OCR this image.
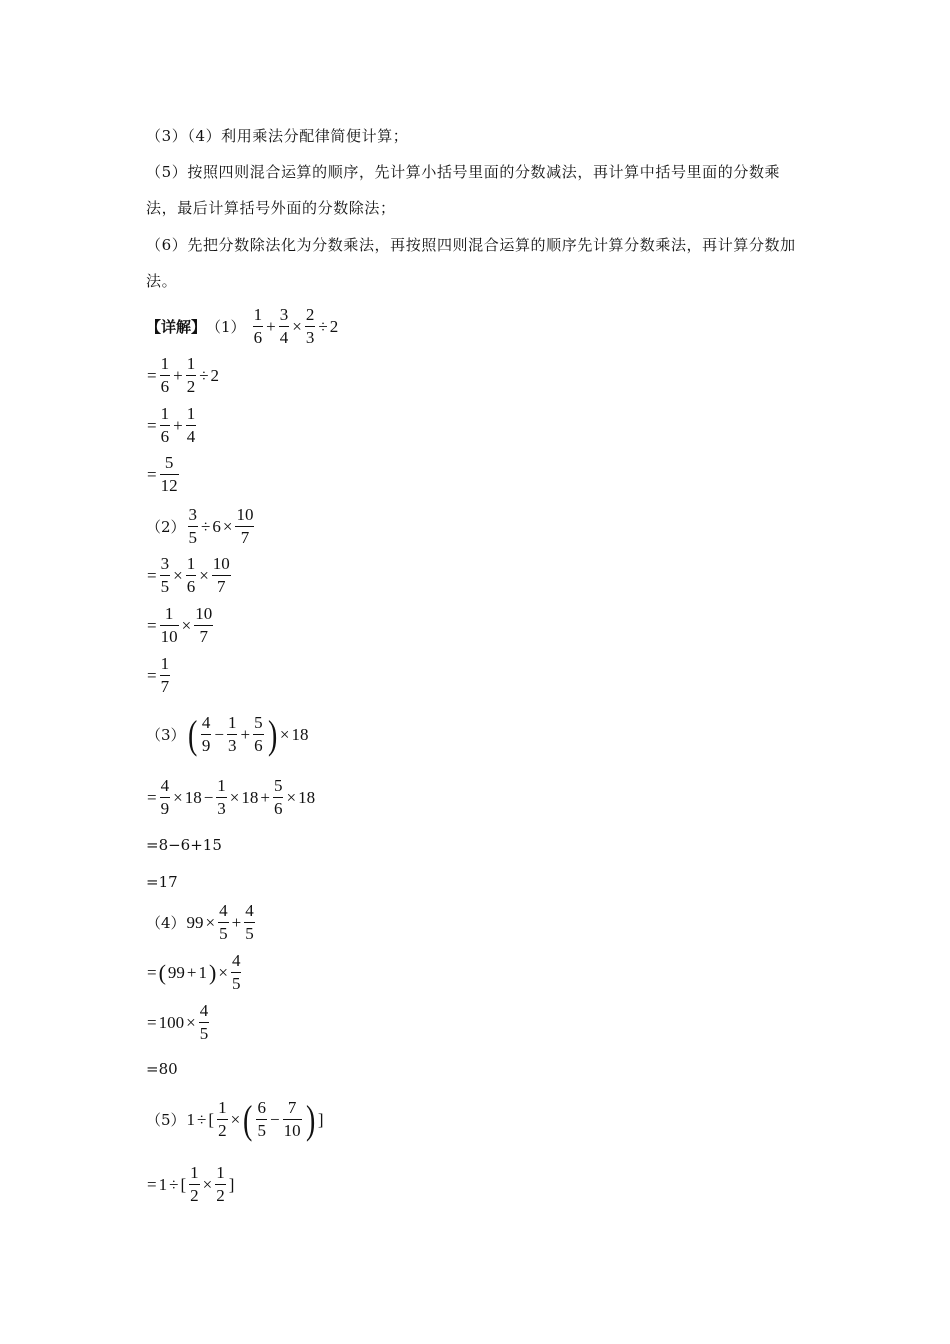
（3）（4）利用乘法分配律简便计算；
（5）按照四则混合运算的顺序，先计算小括号里面的分数减法，再计算中括号里面的分数乘法，最后计算括号外面的分数除法；
（6）先把分数除法化为分数乘法，再按照四则混合运算的顺序先计算分数乘法，再计算分数加法。
【详解】$(1) \frac{1}{6} + \frac{3}{4} \times \frac{2}{3} \div 2$
= $\frac{1}{6} + \frac{1}{2} \div 2$
= $\frac{1}{6} + \frac{1}{4}$
= $\frac{5}{12}$
$(2) \frac{3}{5} \div 6 \times \frac{10}{7}$
= $\frac{3}{5} \times \frac{1}{6} \times \frac{10}{7}$
= $\frac{1}{10} \times \frac{10}{7}$
= $\frac{1}{7}$
$(3)( \frac{4}{9} - \frac{1}{3} + \frac{5}{6}$ ) × 18
= $\frac{4}{9} \times 18 - \frac{1}{3} \times 18 + \frac{5}{6} \times 18$
=8−6+15
=17
$(4)99 \times \frac{4}{5} + \frac{4}{5}$
=( $99 + 1) \times \frac{4}{5}$
= $100 \times \frac{4}{5}$
=80
（5）1 ÷ [ $\frac{1}{2}$ ×( $\frac{6}{5} - \frac{7}{10}$ ) ]
= 1 ÷ [ $\frac{1}{2} \times \frac{1}{2}$ ]
